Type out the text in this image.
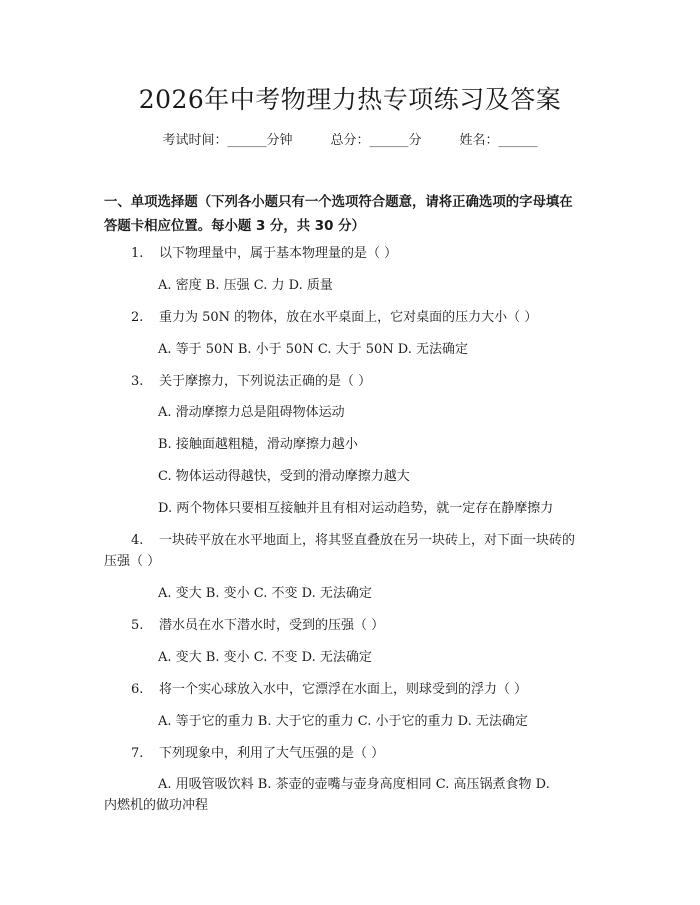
2026年中考物理力热专项练习及答案
考试时间：______分钟	总分：______分	姓名：______
一、单项选择题（下列各小题只有一个选项符合题意，请将正确选项的字母填在
答题卡相应位置。每小题 3 分，共 30 分）
1. 以下物理量中，属于基本物理量的是（ ）
A. 密度 B. 压强 C. 力 D. 质量
2. 重力为 50N 的物体，放在水平桌面上，它对桌面的压力大小（ ）
A. 等于 50N B. 小于 50N C. 大于 50N D. 无法确定
3. 关于摩擦力，下列说法正确的是（ ）
A. 滑动摩擦力总是阻碍物体运动
B. 接触面越粗糙，滑动摩擦力越小
C. 物体运动得越快，受到的滑动摩擦力越大
D. 两个物体只要相互接触并且有相对运动趋势，就一定存在静摩擦力
4. 一块砖平放在水平地面上，将其竖直叠放在另一块砖上，对下面一块砖的
压强（ ）
A. 变大 B. 变小 C. 不变 D. 无法确定
5. 潜水员在水下潜水时，受到的压强（ ）
A. 变大 B. 变小 C. 不变 D. 无法确定
6. 将一个实心球放入水中，它漂浮在水面上，则球受到的浮力（ ）
A. 等于它的重力 B. 大于它的重力 C. 小于它的重力 D. 无法确定
7. 下列现象中，利用了大气压强的是（ ）
A. 用吸管吸饮料 B. 茶壶的壶嘴与壶身高度相同 C. 高压锅煮食物 D.
内燃机的做功冲程
